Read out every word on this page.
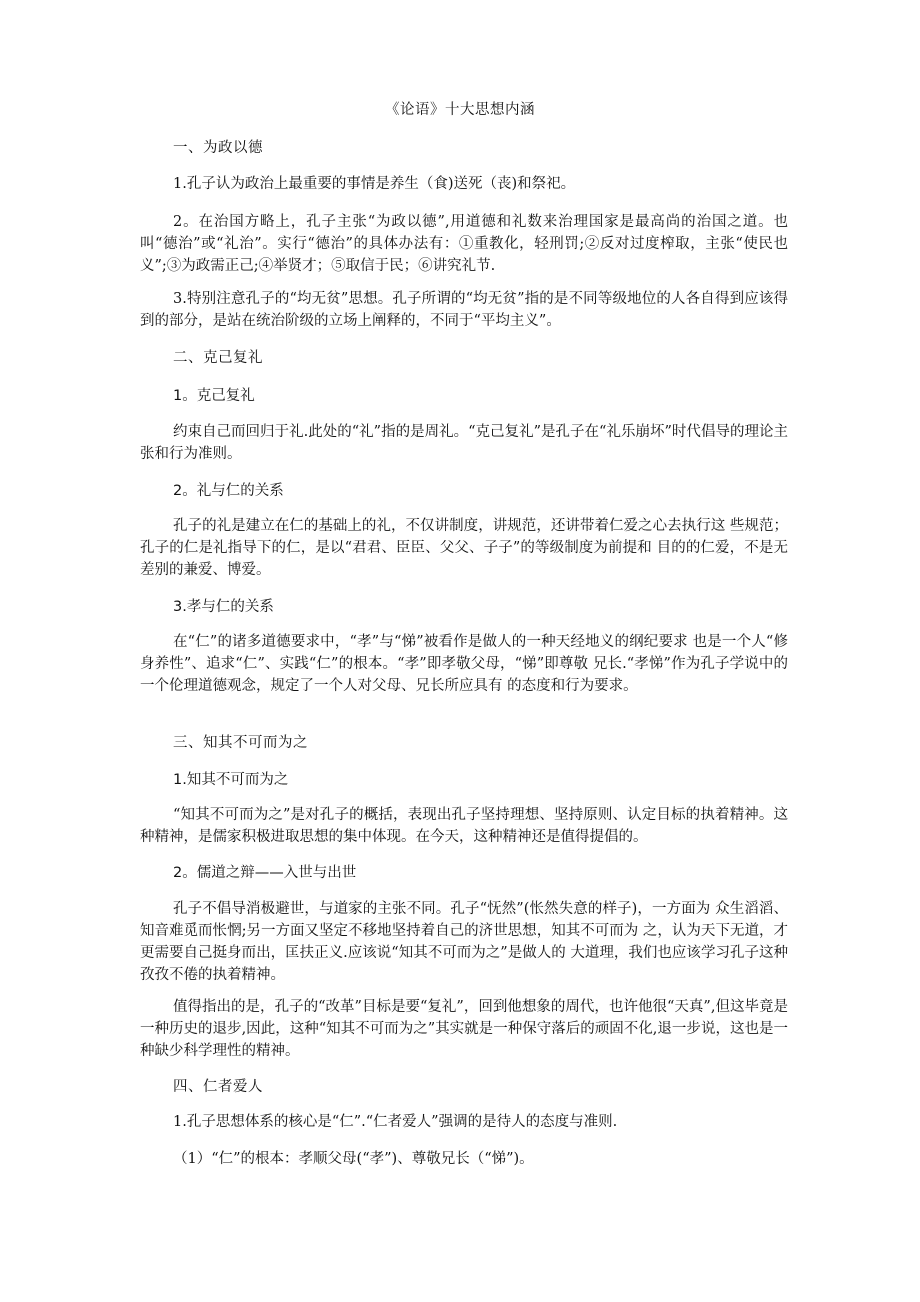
《论语》十大思想内涵
一、为政以德
1.孔子认为政治上最重要的事情是养生（食)送死（丧)和祭祀。
2。在治国方略上，孔子主张“为政以德”,用道德和礼数来治理国家是最高尚的治国之道。也叫“德治”或“礼治”。实行“德治”的具体办法有：①重教化，轻刑罚;②反对过度榨取，主张“使民也义”;③为政需正己;④举贤才；⑤取信于民；⑥讲究礼节.
3.特别注意孔子的“均无贫”思想。孔子所谓的“均无贫”指的是不同等级地位的人各自得到应该得到的部分，是站在统治阶级的立场上阐释的，不同于“平均主义”。
二、克己复礼
1。克己复礼
约束自己而回归于礼.此处的“礼”指的是周礼。“克己复礼”是孔子在“礼乐崩坏”时代倡导的理论主张和行为准则。
2。礼与仁的关系
孔子的礼是建立在仁的基础上的礼，不仅讲制度，讲规范，还讲带着仁爱之心去执行这 些规范；孔子的仁是礼指导下的仁，是以“君君、臣臣、父父、子子”的等级制度为前提和 目的的仁爱，不是无差别的兼爱、博爱。
3.孝与仁的关系
在“仁”的诸多道德要求中，“孝”与“悌”被看作是做人的一种天经地义的纲纪要求 也是一个人“修身养性”、追求“仁”、实践“仁”的根本。“孝”即孝敬父母，“悌”即尊敬 兄长.“孝悌”作为孔子学说中的一个伦理道德观念，规定了一个人对父母、兄长所应具有 的态度和行为要求。
三、知其不可而为之
1.知其不可而为之
“知其不可而为之”是对孔子的概括，表现出孔子坚持理想、坚持原则、认定目标的执着精神。这种精神，是儒家积极进取思想的集中体现。在今天，这种精神还是值得提倡的。
2。儒道之辩——入世与出世
孔子不倡导消极避世，与道家的主张不同。孔子“怃然”(怅然失意的样子)，一方面为 众生滔滔、知音难觅而怅惘;另一方面又坚定不移地坚持着自己的济世思想，知其不可而为 之，认为天下无道，才更需要自己挺身而出，匡扶正义.应该说“知其不可而为之”是做人的 大道理，我们也应该学习孔子这种孜孜不倦的执着精神。
值得指出的是，孔子的“改革”目标是要“复礼”，回到他想象的周代，也许他很“天真”,但这毕竟是一种历史的退步,因此，这种“知其不可而为之”其实就是一种保守落后的顽固不化,退一步说，这也是一种缺少科学理性的精神。
四、仁者爱人
1.孔子思想体系的核心是“仁”.“仁者爱人”强调的是待人的态度与准则.
（1）“仁”的根本：孝顺父母(“孝”)、尊敬兄长（“悌”)。
